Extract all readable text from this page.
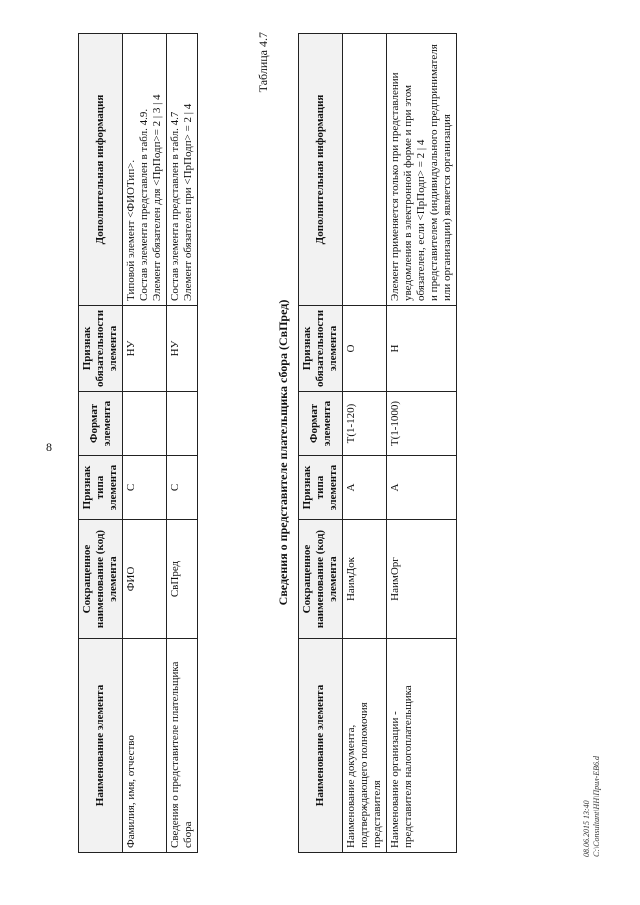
8
Наименование элемента	Сокращенное наименование (код) элемента	Признак типа элемента	Формат элемента	Признак обязательности элемента	Дополнительная информация
Фамилия, имя, отчество	ФИО	С		НУ	Типовой элемент <ФИОТип>.
Состав элемента представлен в табл. 4.9.
Элемент обязателен для <ПрПодп>= 2 | 3 | 4
Сведения о представителе плательщика сбора	СвПред	С		НУ	Состав элемента представлен в табл. 4.7
Элемент обязателен при <ПрПодп> = 2 | 4
Таблица 4.7
Сведения о представителе плательщика сбора (СвПред)
Наименование элемента	Сокращенное наименование (код) элемента	Признак типа элемента	Формат элемента	Признак обязательности элемента	Дополнительная информация
Наименование документа, подтверждающего полномочия представителя	НаимДок	А	T(1-120)	О	
Наименование организации - представителя налогоплательщика	НаимОрг	А	T(1-1000)	Н	Элемент применяется только при представлении уведомления в электронной форме и при этом обязателен, если <ПрПодп> = 2 | 4
и представителем (индивидуального предпринимателя или организации) является организация
08.06.2015 13:40 C:\Consultant\НН\Прил-ЕВ6.d
